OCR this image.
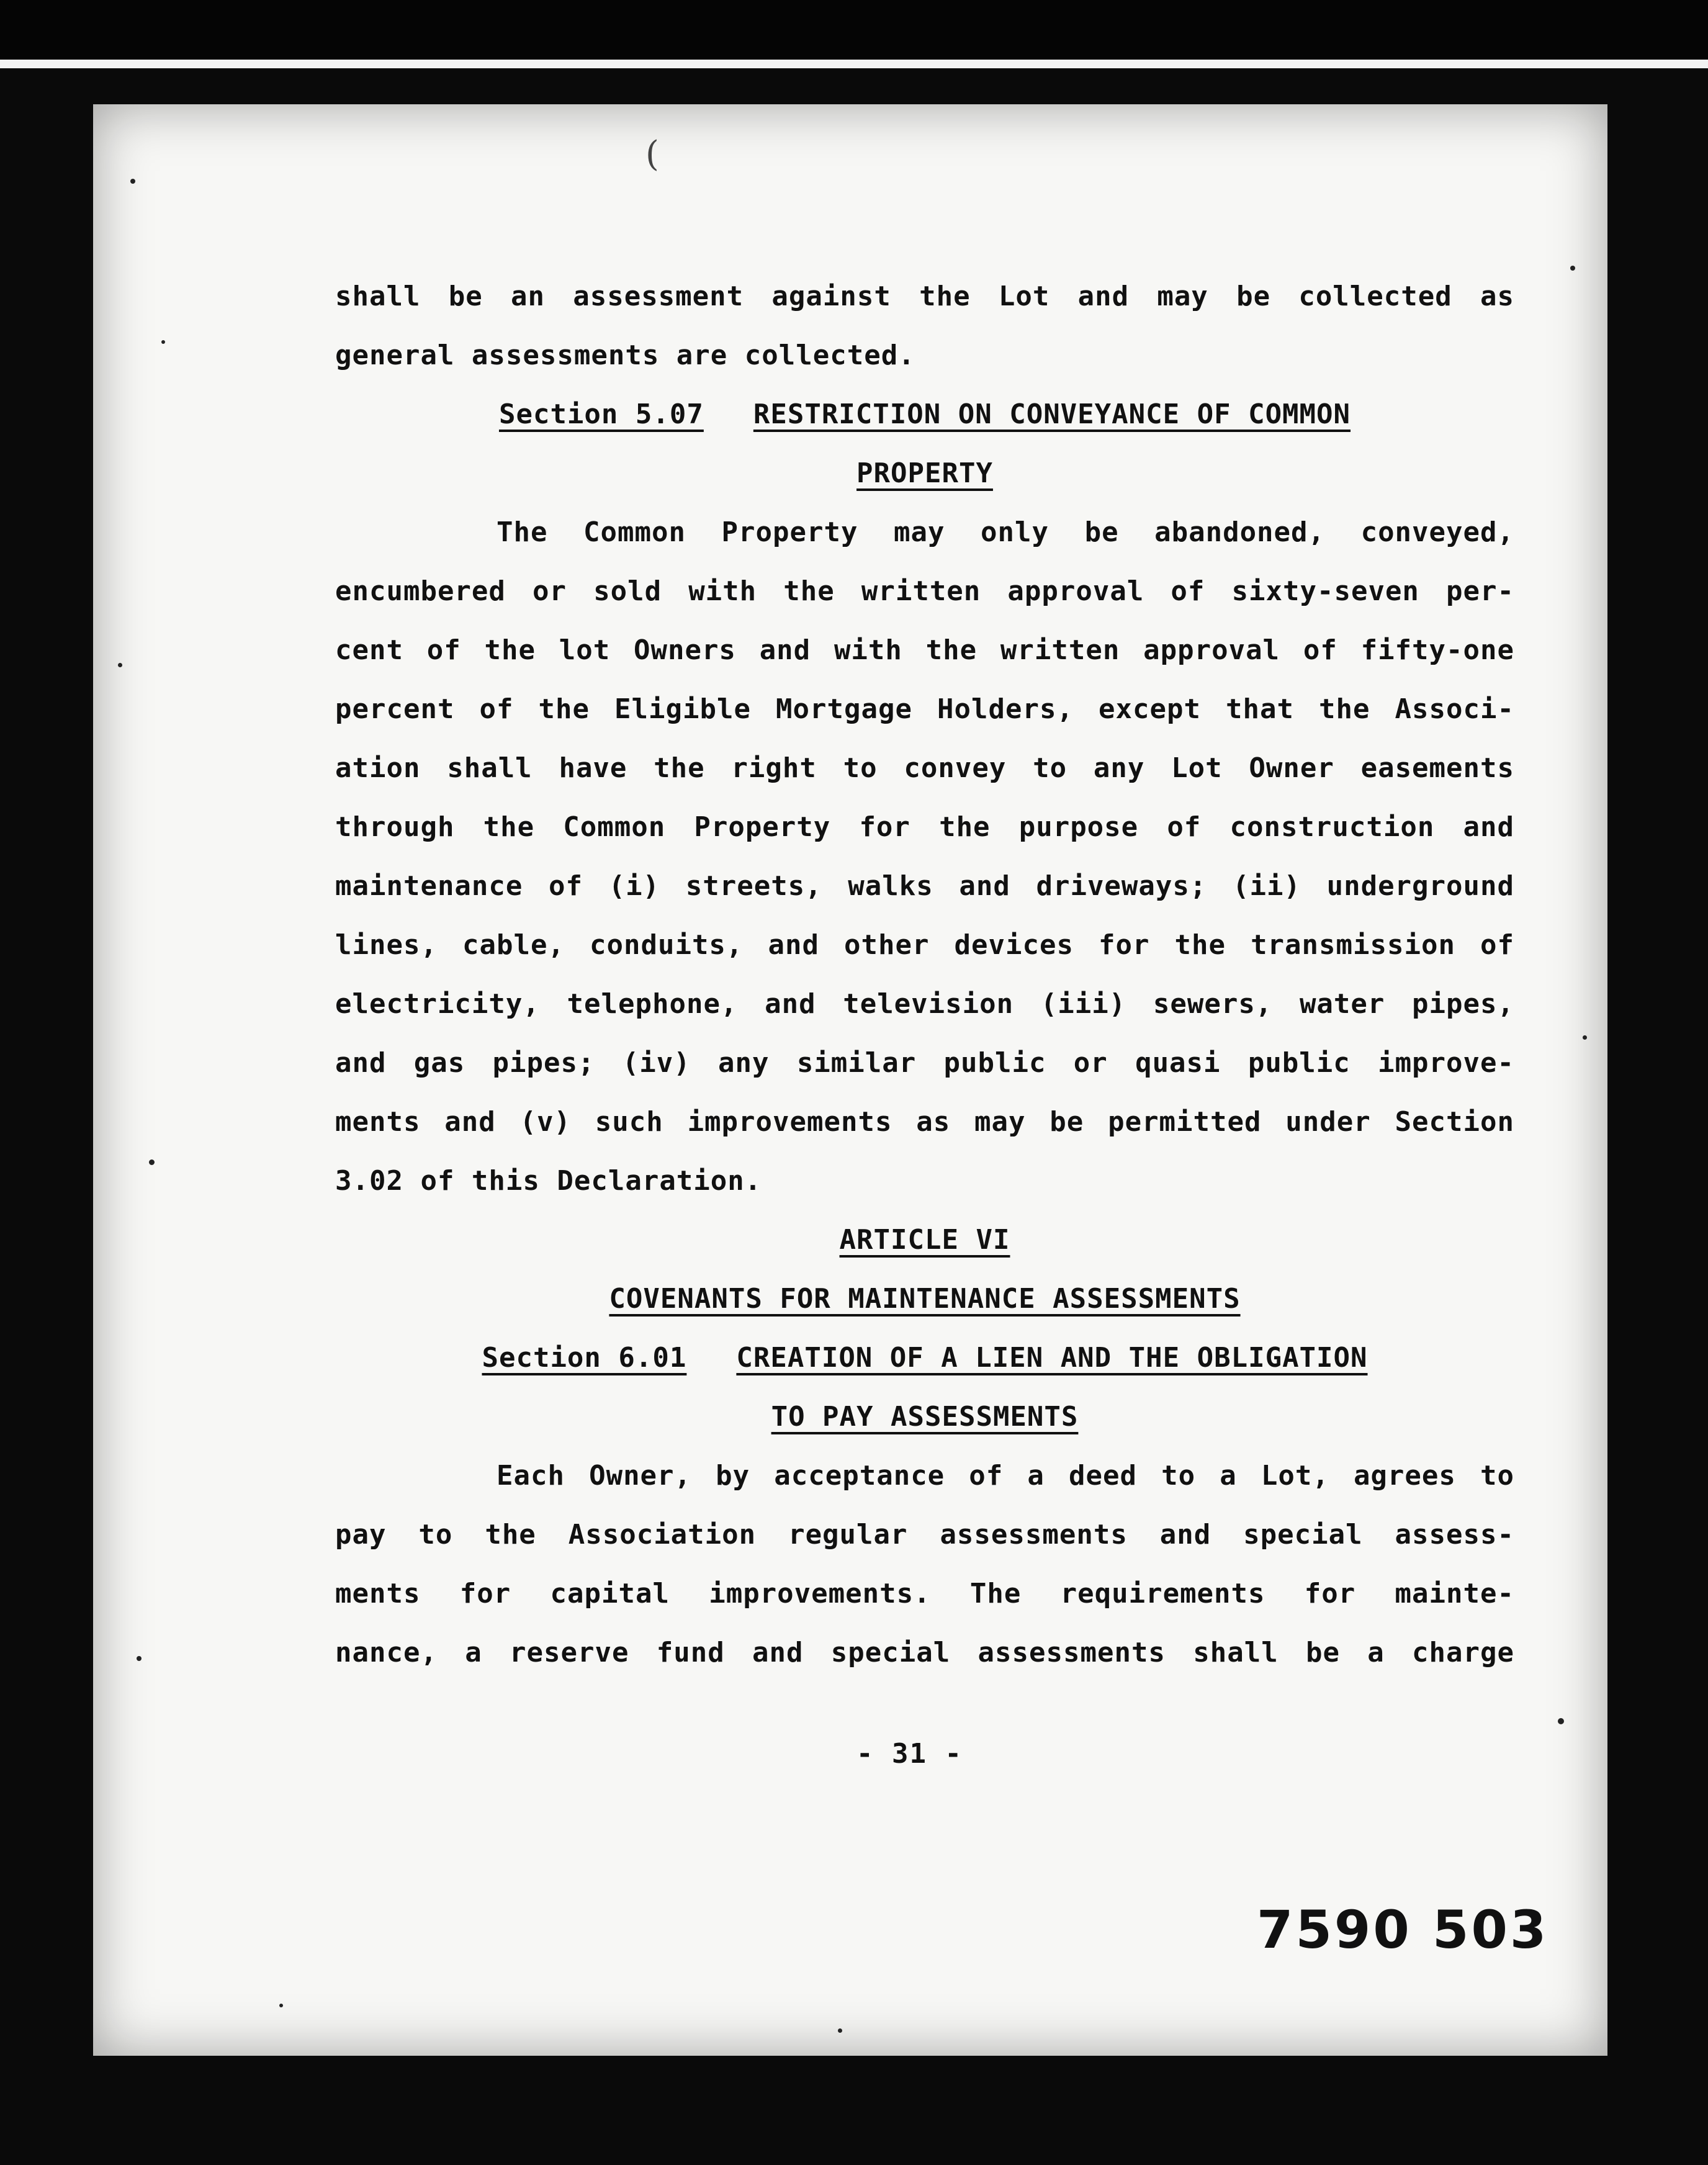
(
shall be an assessment against the Lot and may be collected as
general assessments are collected.
Section 5.07 RESTRICTION ON CONVEYANCE OF COMMON
PROPERTY
The Common Property may only be abandoned, conveyed,
encumbered or sold with the written approval of sixty-seven per-
cent of the lot Owners and with the written approval of fifty-one
percent of the Eligible Mortgage Holders, except that the Associ-
ation shall have the right to convey to any Lot Owner easements
through the Common Property for the purpose of construction and
maintenance of (i) streets, walks and driveways; (ii) underground
lines, cable, conduits, and other devices for the transmission of
electricity, telephone, and television (iii) sewers, water pipes,
and gas pipes; (iv) any similar public or quasi public improve-
ments and (v) such improvements as may be permitted under Section
3.02 of this Declaration.
ARTICLE VI
COVENANTS FOR MAINTENANCE ASSESSMENTS
Section 6.01 CREATION OF A LIEN AND THE OBLIGATION
TO PAY ASSESSMENTS
Each Owner, by acceptance of a deed to a Lot, agrees to
pay to the Association regular assessments and special assess-
ments for capital improvements. The requirements for mainte-
nance, a reserve fund and special assessments shall be a charge
- 31 -
7590 503
